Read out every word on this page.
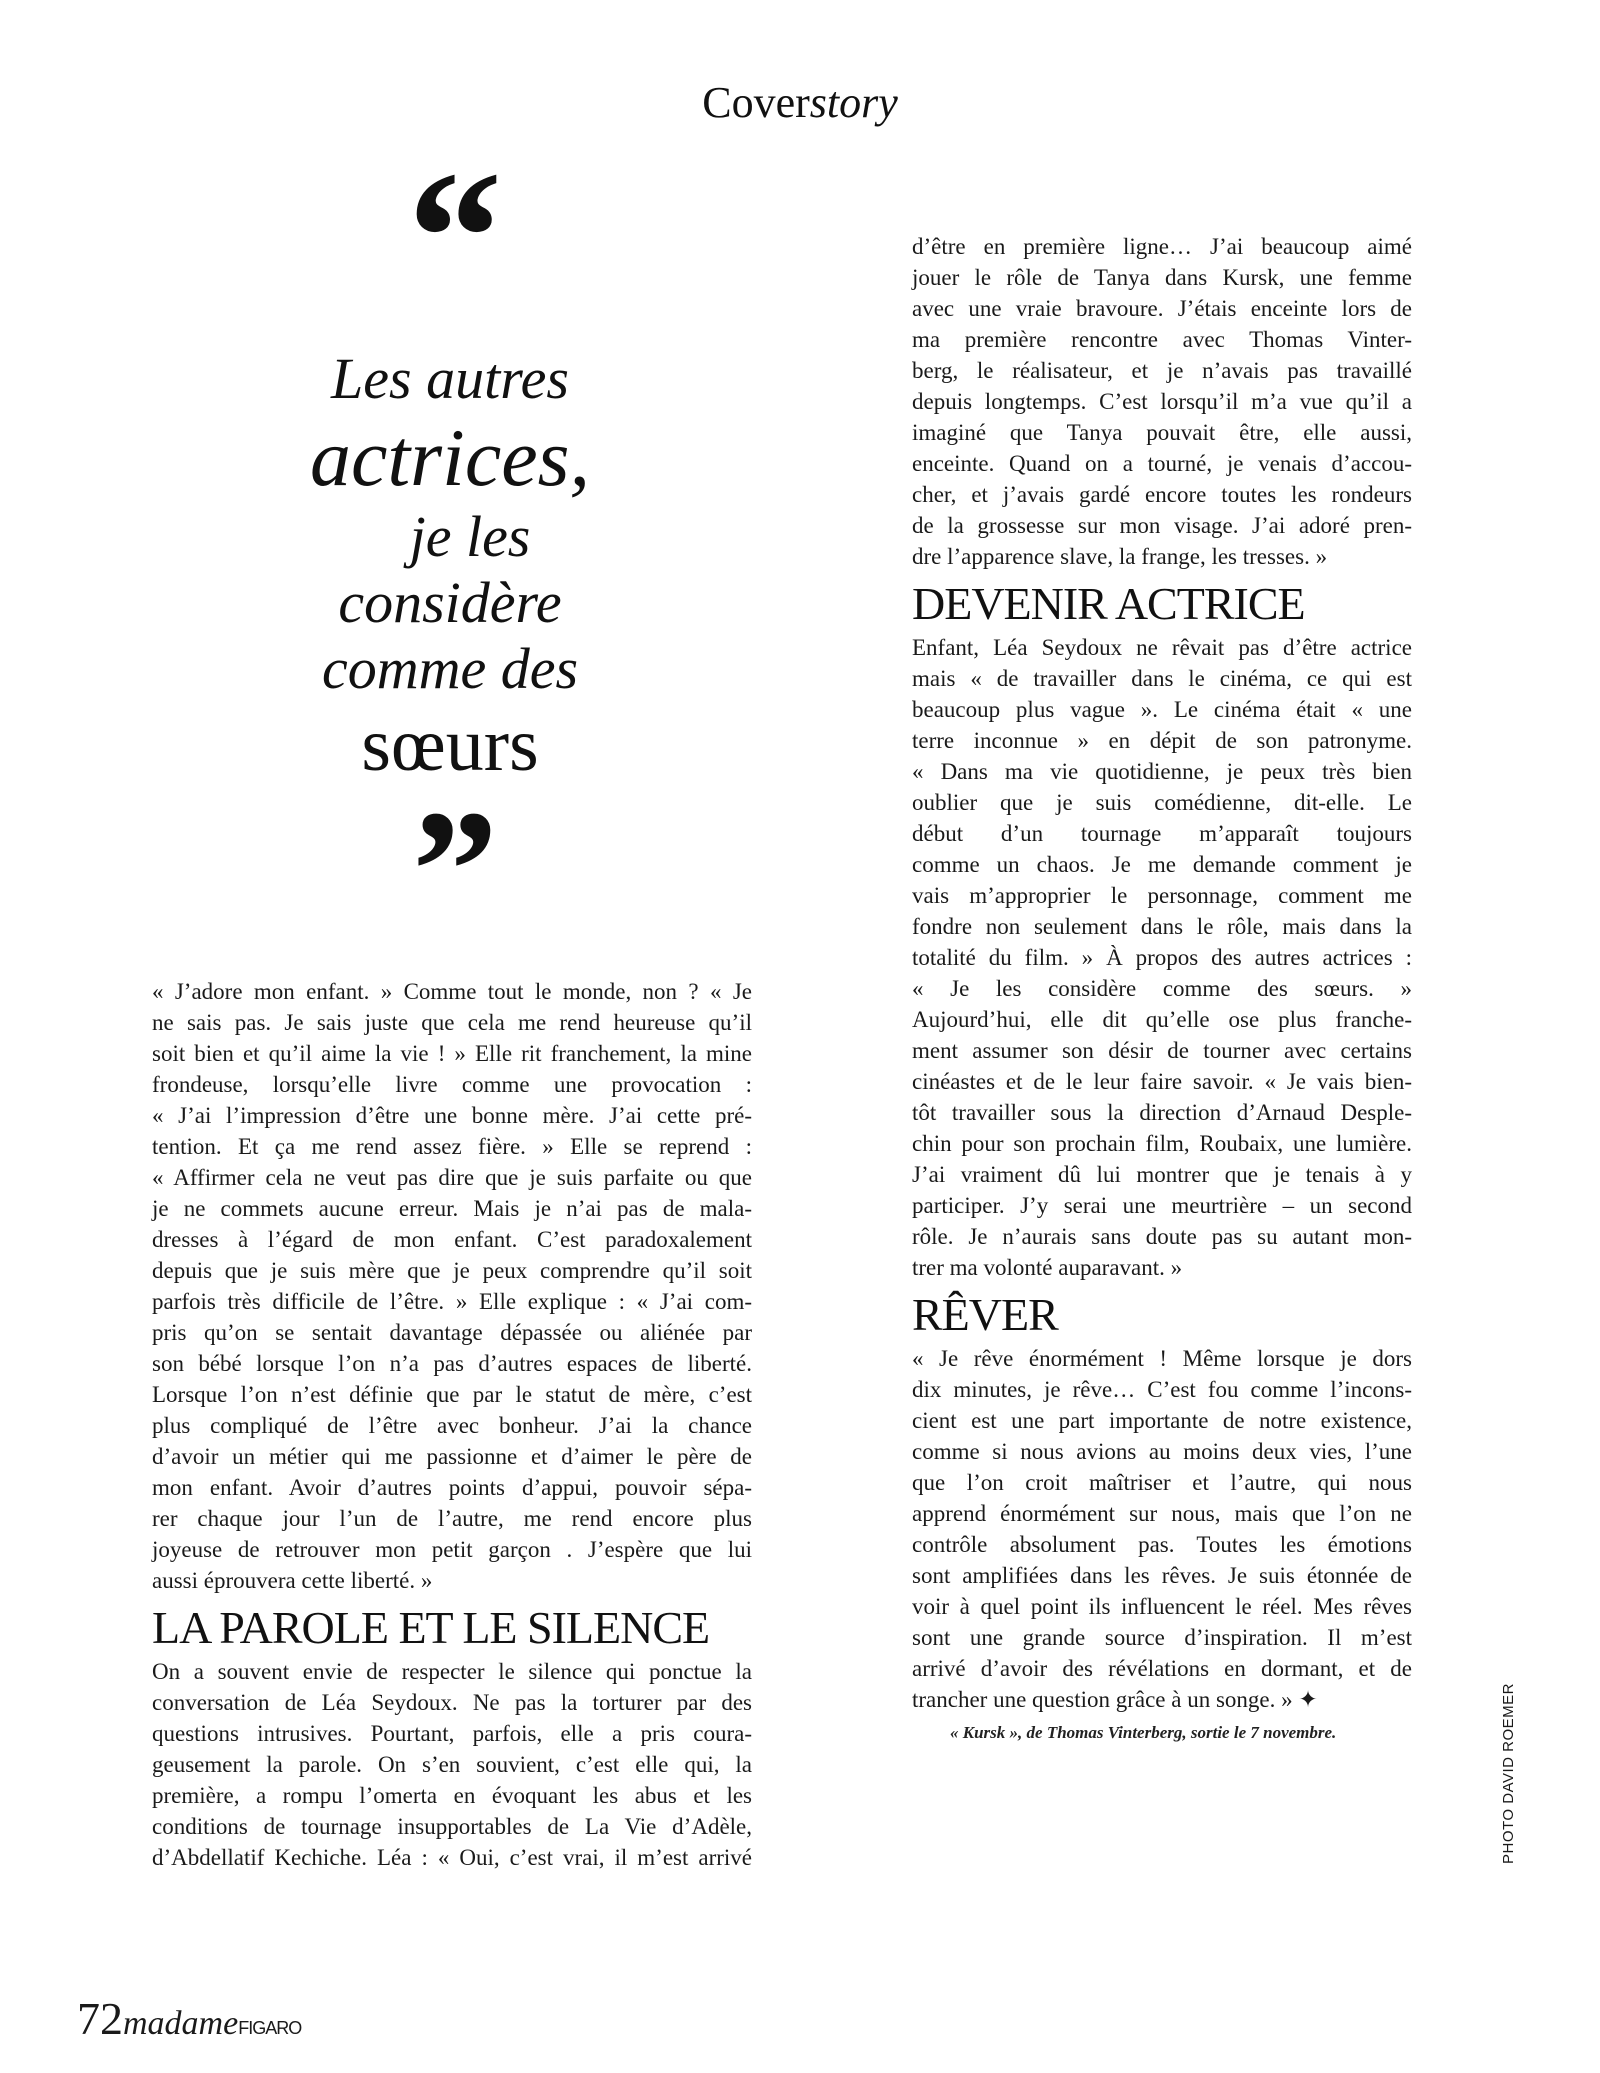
Coverstory
“
Les autres
actrices,
je les
considère
comme des
sœurs
”
« J’adore mon enfant. » Comme tout le monde, non ? « Je
ne sais pas. Je sais juste que cela me rend heureuse qu’il
soit bien et qu’il aime la vie ! » Elle rit franchement, la mine
frondeuse, lorsqu’elle livre comme une provocation :
« J’ai l’impression d’être une bonne mère. J’ai cette pré-
tention. Et ça me rend assez fière. » Elle se reprend :
« Affirmer cela ne veut pas dire que je suis parfaite ou que
je ne commets aucune erreur. Mais je n’ai pas de mala-
dresses à l’égard de mon enfant. C’est paradoxalement
depuis que je suis mère que je peux comprendre qu’il soit
parfois très difficile de l’être. » Elle explique : « J’ai com-
pris qu’on se sentait davantage dépassée ou aliénée par
son bébé lorsque l’on n’a pas d’autres espaces de liberté.
Lorsque l’on n’est définie que par le statut de mère, c’est
plus compliqué de l’être avec bonheur. J’ai la chance
d’avoir un métier qui me passionne et d’aimer le père de
mon enfant. Avoir d’autres points d’appui, pouvoir sépa-
rer chaque jour l’un de l’autre, me rend encore plus
joyeuse de retrouver mon petit garçon . J’espère que lui
aussi éprouvera cette liberté. »
LA PAROLE ET LE SILENCE
On a souvent envie de respecter le silence qui ponctue la
conversation de Léa Seydoux. Ne pas la torturer par des
questions intrusives. Pourtant, parfois, elle a pris coura-
geusement la parole. On s’en souvient, c’est elle qui, la
première, a rompu l’omerta en évoquant les abus et les
conditions de tournage insupportables de La Vie d’Adèle,
d’Abdellatif Kechiche. Léa : « Oui, c’est vrai, il m’est arrivé
d’être en première ligne… J’ai beaucoup aimé
jouer le rôle de Tanya dans Kursk, une femme
avec une vraie bravoure. J’étais enceinte lors de
ma première rencontre avec Thomas Vinter-
berg, le réalisateur, et je n’avais pas travaillé
depuis longtemps. C’est lorsqu’il m’a vue qu’il a
imaginé que Tanya pouvait être, elle aussi,
enceinte. Quand on a tourné, je venais d’accou-
cher, et j’avais gardé encore toutes les rondeurs
de la grossesse sur mon visage. J’ai adoré pren-
dre l’apparence slave, la frange, les tresses. »
DEVENIR ACTRICE
Enfant, Léa Seydoux ne rêvait pas d’être actrice
mais « de travailler dans le cinéma, ce qui est
beaucoup plus vague ». Le cinéma était « une
terre inconnue » en dépit de son patronyme.
« Dans ma vie quotidienne, je peux très bien
oublier que je suis comédienne, dit-elle. Le
début d’un tournage m’apparaît toujours
comme un chaos. Je me demande comment je
vais m’approprier le personnage, comment me
fondre non seulement dans le rôle, mais dans la
totalité du film. » À propos des autres actrices :
« Je les considère comme des sœurs. »
Aujourd’hui, elle dit qu’elle ose plus franche-
ment assumer son désir de tourner avec certains
cinéastes et de le leur faire savoir. « Je vais bien-
tôt travailler sous la direction d’Arnaud Desple-
chin pour son prochain film, Roubaix, une lumière.
J’ai vraiment dû lui montrer que je tenais à y
participer. J’y serai une meurtrière – un second
rôle. Je n’aurais sans doute pas su autant mon-
trer ma volonté auparavant. »
RÊVER
« Je rêve énormément ! Même lorsque je dors
dix minutes, je rêve… C’est fou comme l’incons-
cient est une part importante de notre existence,
comme si nous avions au moins deux vies, l’une
que l’on croit maîtriser et l’autre, qui nous
apprend énormément sur nous, mais que l’on ne
contrôle absolument pas. Toutes les émotions
sont amplifiées dans les rêves. Je suis étonnée de
voir à quel point ils influencent le réel. Mes rêves
sont une grande source d’inspiration. Il m’est
arrivé d’avoir des révélations en dormant, et de
trancher une question grâce à un songe. » ✦
« Kursk », de Thomas Vinterberg, sortie le 7 novembre.	PHOTO DAVID ROEMER
72madameFIGARO
